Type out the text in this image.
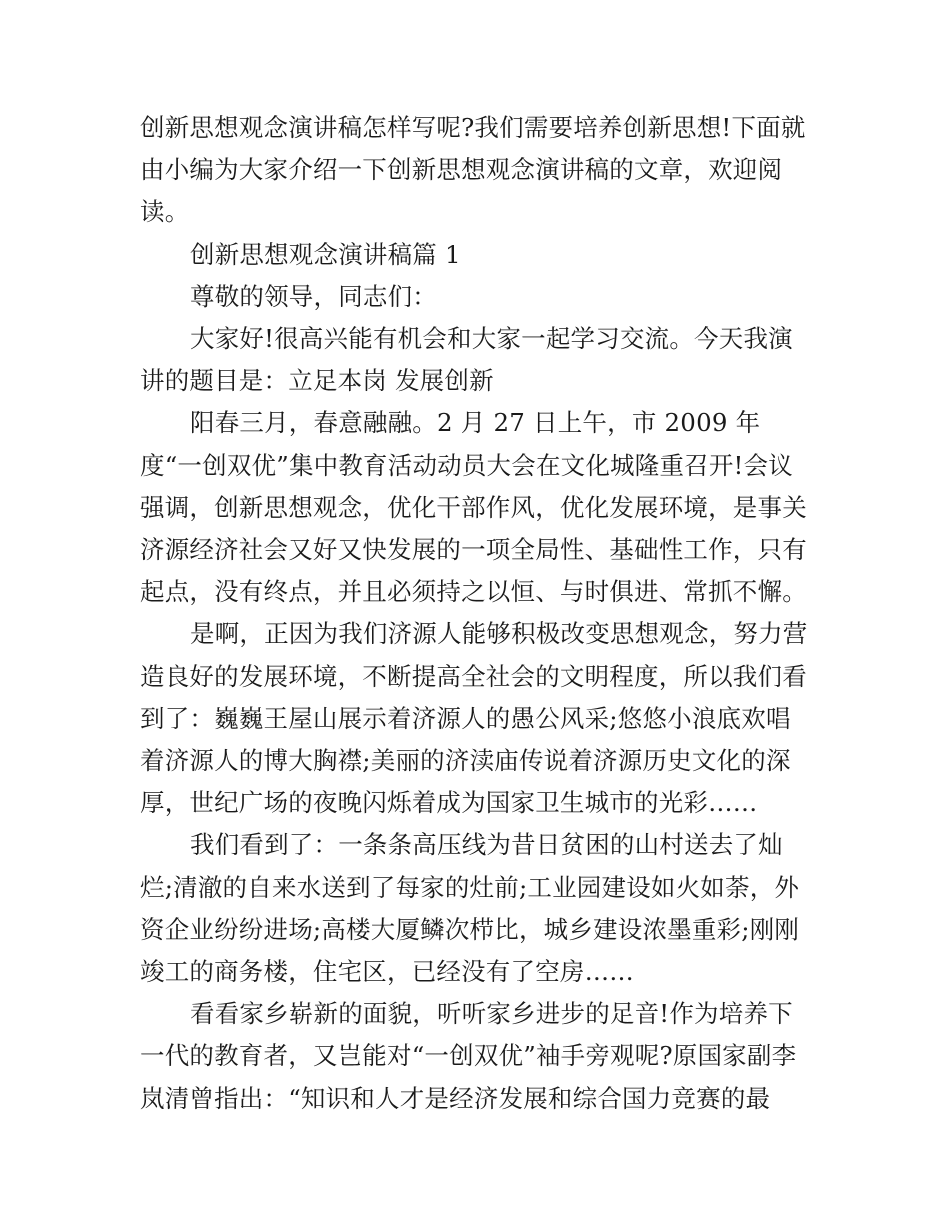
创新思想观念演讲稿怎样写呢?我们需要培养创新思想!下面就由小编为大家介绍一下创新思想观念演讲稿的文章，欢迎阅读。

创新思想观念演讲稿篇 1

尊敬的领导，同志们：

大家好!很高兴能有机会和大家一起学习交流。今天我演讲的题目是：立足本岗 发展创新

阳春三月，春意融融。2 月 27 日上午，市 2009 年度“一创双优”集中教育活动动员大会在文化城隆重召开!会议强调，创新思想观念，优化干部作风，优化发展环境，是事关济源经济社会又好又快发展的一项全局性、基础性工作，只有起点，没有终点，并且必须持之以恒、与时俱进、常抓不懈。

是啊，正因为我们济源人能够积极改变思想观念，努力营造良好的发展环境，不断提高全社会的文明程度，所以我们看到了：巍巍王屋山展示着济源人的愚公风采;悠悠小浪底欢唱着济源人的博大胸襟;美丽的济渎庙传说着济源历史文化的深厚，世纪广场的夜晚闪烁着成为国家卫生城市的光彩……

我们看到了：一条条高压线为昔日贫困的山村送去了灿烂;清澈的自来水送到了每家的灶前;工业园建设如火如荼，外资企业纷纷进场;高楼大厦鳞次栉比，城乡建设浓墨重彩;刚刚竣工的商务楼，住宅区，已经没有了空房……

看看家乡崭新的面貌，听听家乡进步的足音!作为培养下一代的教育者，又岂能对“一创双优”袖手旁观呢?原国家副李岚清曾指出：“知识和人才是经济发展和综合国力竞赛的最
